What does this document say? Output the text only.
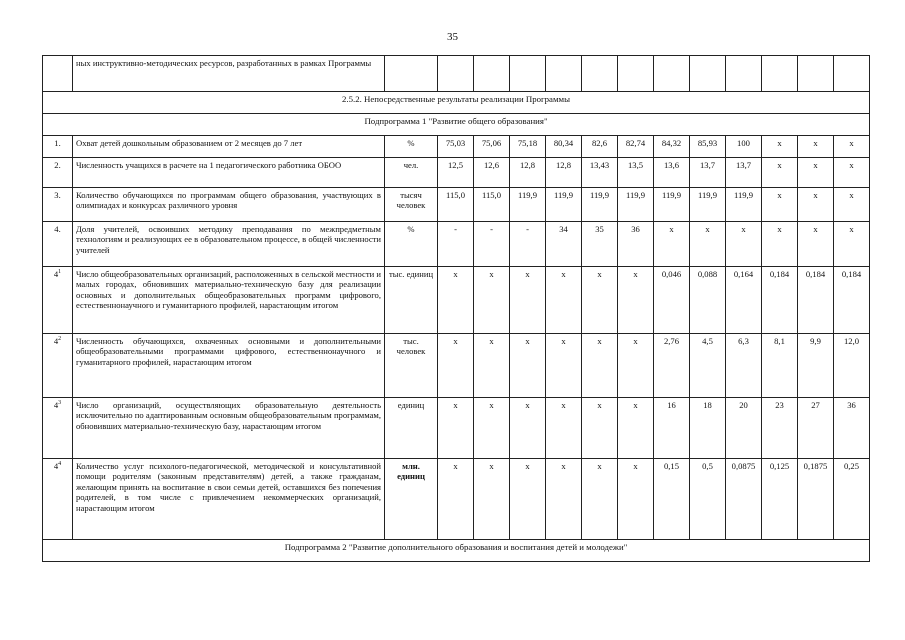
35
	ных инструктивно-методических ресурсов, разработанных в рамках Программы													
2.5.2. Непосредственные результаты реализации Программы														
Подпрограмма 1 "Развитие общего образования"														
1.	Охват детей дошкольным образованием от 2 месяцев до 7 лет	%	75,03	75,06	75,18	80,34	82,6	82,74	84,32	85,93	100	x	x	x
2.	Численность учащихся в расчете на 1 педагогического работника ОБОО	чел.	12,5	12,6	12,8	12,8	13,43	13,5	13,6	13,7	13,7	x	x	x
3.	Количество обучающихся по программам общего образования, участвующих в олимпиадах и конкурсах различного уровня	тысяч человек	115,0	115,0	119,9	119,9	119,9	119,9	119,9	119,9	119,9	x	x	x
4.	Доля учителей, освоивших методику преподавания по межпредметным технологиям и реализующих ее в образовательном процессе, в общей численности учителей	%	-	-	-	34	35	36	x	x	x	x	x	x
$4^1$	Число общеобразовательных организаций, расположенных в сельской местности и малых городах, обновивших материально-техническую базу для реализации основных и дополнительных общеобразовательных программ цифрового, естественнонаучного и гуманитарного профилей, нарастающим итогом	тыс. единиц	x	x	x	x	x	x	0,046	0,088	0,164	0,184	0,184	0,184
$4^2$	Численность обучающихся, охваченных основными и дополнительными общеобразовательными программами цифрового, естественнонаучного и гуманитарного профилей, нарастающим итогом	тыс. человек	x	x	x	x	x	x	2,76	4,5	6,3	8,1	9,9	12,0
$4^3$	Число организаций, осуществляющих образовательную деятельность исключительно по адаптированным основным общеобразовательным программам, обновивших материально-техническую базу, нарастающим итогом	единиц	x	x	x	x	x	x	16	18	20	23	27	36
$4^4$	Количество услуг психолого-педагогической, методической и консультативной помощи родителям (законным представителям) детей, а также гражданам, желающим принять на воспитание в свои семьи детей, оставшихся без попечения родителей, в том числе с привлечением некоммерческих организаций, нарастающим итогом	млн. единиц	x	x	x	x	x	x	0,15	0,5	0,0875	0,125	0,1875	0,25
Подпрограмма 2 "Развитие дополнительного образования и воспитания детей и молодежи"														
